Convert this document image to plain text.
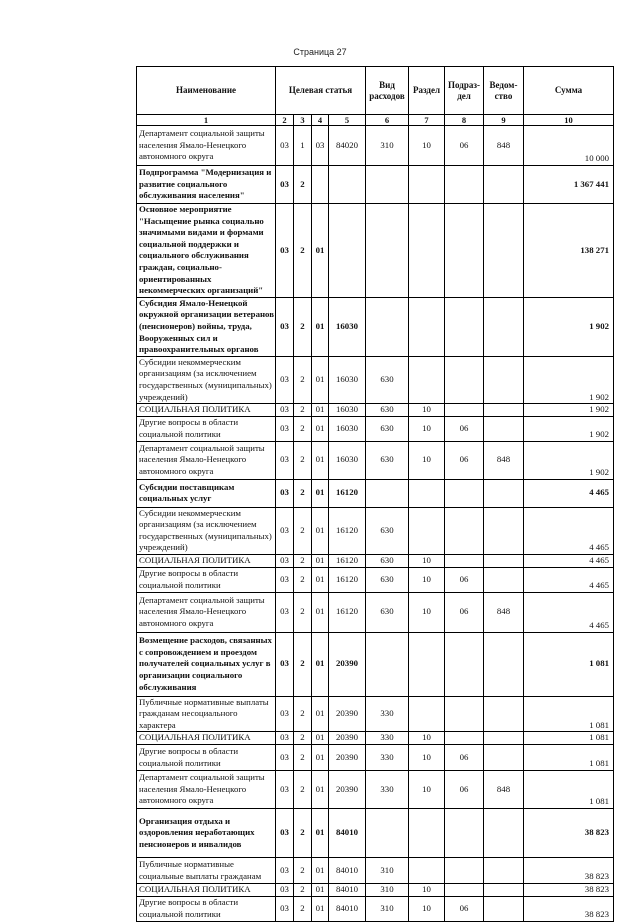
Страница 27
Наименование	Целевая статья				Вид расходов	Раздел	Подраз-дел	Ведом-ство	Сумма
1	2	3	4	5	6	7	8	9	10
Департамент социальной защиты населения Ямало-Ненецкого автономного округа	03	1	03	84020	310	10	06	848	10 000
Подпрограмма "Модернизация и развитие социального обслуживания населения"	03	2							1 367 441
Основное мероприятие "Насыщение рынка социально значимыми видами и формами социальной поддержки и социального обслуживания граждан, социально-ориентированных некоммерческих организаций"	03	2	01						138 271
Субсидия Ямало-Ненецкой окружной организации ветеранов (пенсионеров) войны, труда, Вооруженных сил и правоохранительных органов	03	2	01	16030					1 902
Субсидии некоммерческим организациям (за исключением государственных (муниципальных) учреждений)	03	2	01	16030	630				1 902
СОЦИАЛЬНАЯ ПОЛИТИКА	03	2	01	16030	630	10			1 902
Другие вопросы в области социальной политики	03	2	01	16030	630	10	06		1 902
Департамент социальной защиты населения Ямало-Ненецкого автономного округа	03	2	01	16030	630	10	06	848	1 902
Субсидии поставщикам социальных услуг	03	2	01	16120					4 465
Субсидии некоммерческим организациям (за исключением государственных (муниципальных) учреждений)	03	2	01	16120	630				4 465
СОЦИАЛЬНАЯ ПОЛИТИКА	03	2	01	16120	630	10			4 465
Другие вопросы в области социальной политики	03	2	01	16120	630	10	06		4 465
Департамент социальной защиты населения Ямало-Ненецкого автономного округа	03	2	01	16120	630	10	06	848	4 465
Возмещение расходов, связанных с сопровождением и проездом получателей социальных услуг в организации социального обслуживания	03	2	01	20390					1 081
Публичные нормативные выплаты гражданам несоциального характера	03	2	01	20390	330				1 081
СОЦИАЛЬНАЯ ПОЛИТИКА	03	2	01	20390	330	10			1 081
Другие вопросы в области социальной политики	03	2	01	20390	330	10	06		1 081
Департамент социальной защиты населения Ямало-Ненецкого автономного округа	03	2	01	20390	330	10	06	848	1 081
Организация отдыха и оздоровления неработающих пенсионеров и инвалидов	03	2	01	84010					38 823
Публичные нормативные социальные выплаты гражданам	03	2	01	84010	310				38 823
СОЦИАЛЬНАЯ ПОЛИТИКА	03	2	01	84010	310	10			38 823
Другие вопросы в области социальной политики	03	2	01	84010	310	10	06		38 823
